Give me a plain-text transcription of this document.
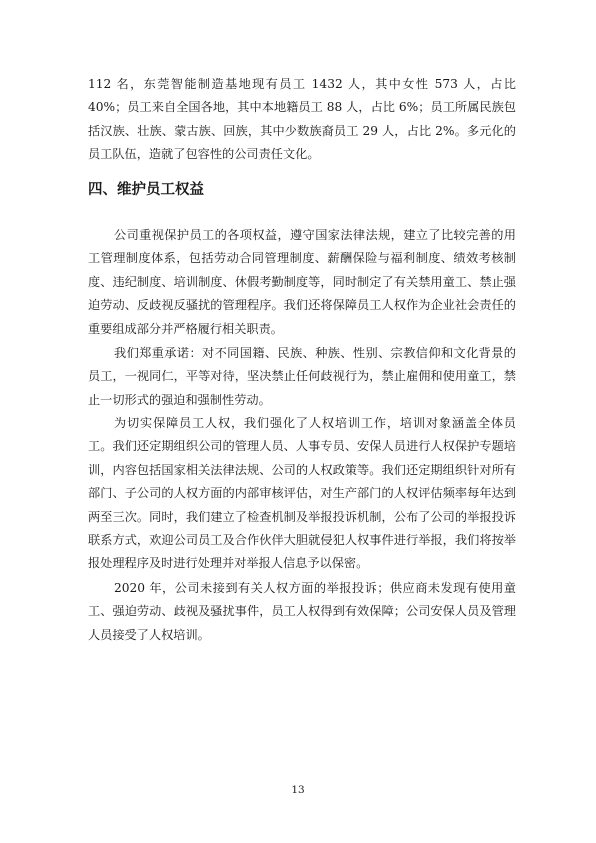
112 名，东莞智能制造基地现有员工 1432 人，其中女性 573 人，占比 40%；员工来自全国各地，其中本地籍员工 88 人，占比 6%；员工所属民族包括汉族、壮族、蒙古族、回族，其中少数族裔员工 29 人，占比 2%。多元化的员工队伍，造就了包容性的公司责任文化。

四、维护员工权益

公司重视保护员工的各项权益，遵守国家法律法规，建立了比较完善的用工管理制度体系，包括劳动合同管理制度、薪酬保险与福利制度、绩效考核制度、违纪制度、培训制度、休假考勤制度等，同时制定了有关禁用童工、禁止强迫劳动、反歧视反骚扰的管理程序。我们还将保障员工人权作为企业社会责任的重要组成部分并严格履行相关职责。

我们郑重承诺：对不同国籍、民族、种族、性别、宗教信仰和文化背景的员工，一视同仁，平等对待，坚决禁止任何歧视行为，禁止雇佣和使用童工，禁止一切形式的强迫和强制性劳动。

为切实保障员工人权，我们强化了人权培训工作，培训对象涵盖全体员工。我们还定期组织公司的管理人员、人事专员、安保人员进行人权保护专题培训，内容包括国家相关法律法规、公司的人权政策等。我们还定期组织针对所有部门、子公司的人权方面的内部审核评估，对生产部门的人权评估频率每年达到两至三次。同时，我们建立了检查机制及举报投诉机制，公布了公司的举报投诉联系方式，欢迎公司员工及合作伙伴大胆就侵犯人权事件进行举报，我们将按举报处理程序及时进行处理并对举报人信息予以保密。

2020 年，公司未接到有关人权方面的举报投诉；供应商未发现有使用童工、强迫劳动、歧视及骚扰事件，员工人权得到有效保障；公司安保人员及管理人员接受了人权培训。

13
